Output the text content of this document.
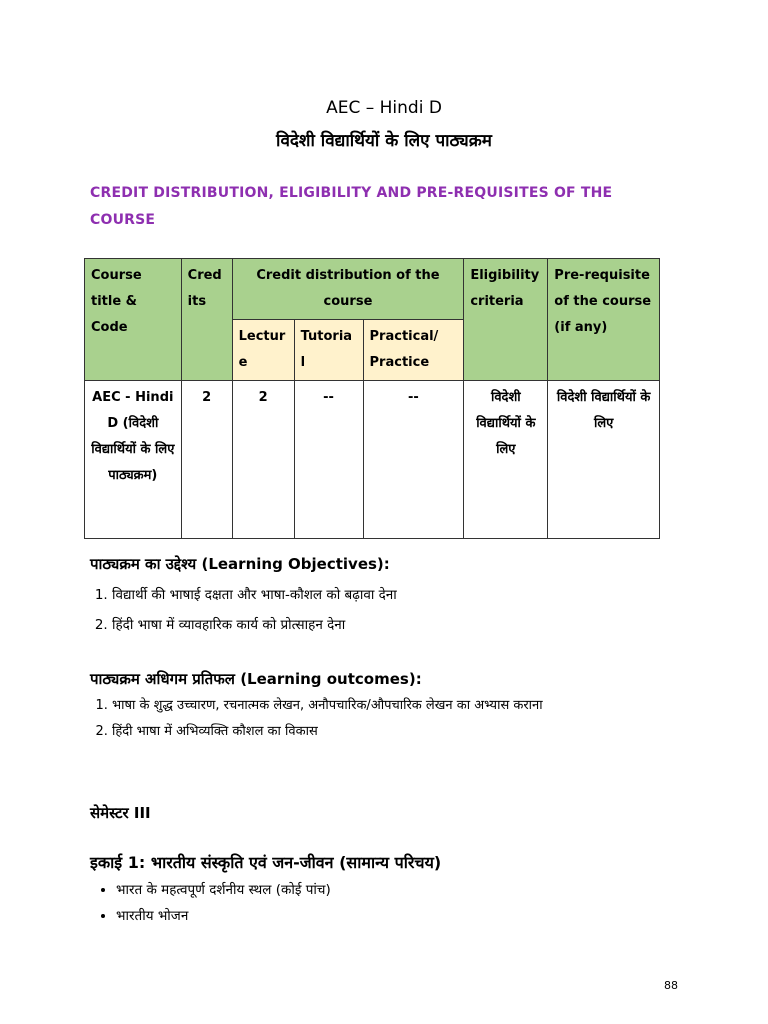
AEC – Hindi D
विदेशी विद्यार्थियों के लिए पाठ्यक्रम
CREDIT DISTRIBUTION, ELIGIBILITY AND PRE-REQUISITES OF THE COURSE
Course title & Code	Cred its	Credit distribution of the course			Eligibility criteria	Pre-requisite of the course (if any)
		Lectur e	Tutoria l	Practical/ Practice		
AEC - Hindi D (विदेशी विद्यार्थियों के लिए पाठ्यक्रम)	2	2	--	--	विदेशी विद्यार्थियों के लिए	विदेशी विद्यार्थियों के लिए
पाठ्यक्रम का उद्देश्य (Learning Objectives):
1. विद्यार्थी की भाषाई दक्षता और भाषा-कौशल को बढ़ावा देना
2. हिंदी भाषा में व्यावहारिक कार्य को प्रोत्साहन देना
पाठ्यक्रम अधिगम प्रतिफल (Learning outcomes):
1. भाषा के शुद्ध उच्चारण, रचनात्मक लेखन, अनौपचारिक/औपचारिक लेखन का अभ्यास कराना
2. हिंदी भाषा में अभिव्यक्ति कौशल का विकास
सेमेस्टर III
इकाई 1: भारतीय संस्कृति एवं जन-जीवन (सामान्य परिचय)
• भारत के महत्वपूर्ण दर्शनीय स्थल (कोई पांच)
• भारतीय भोजन
88
